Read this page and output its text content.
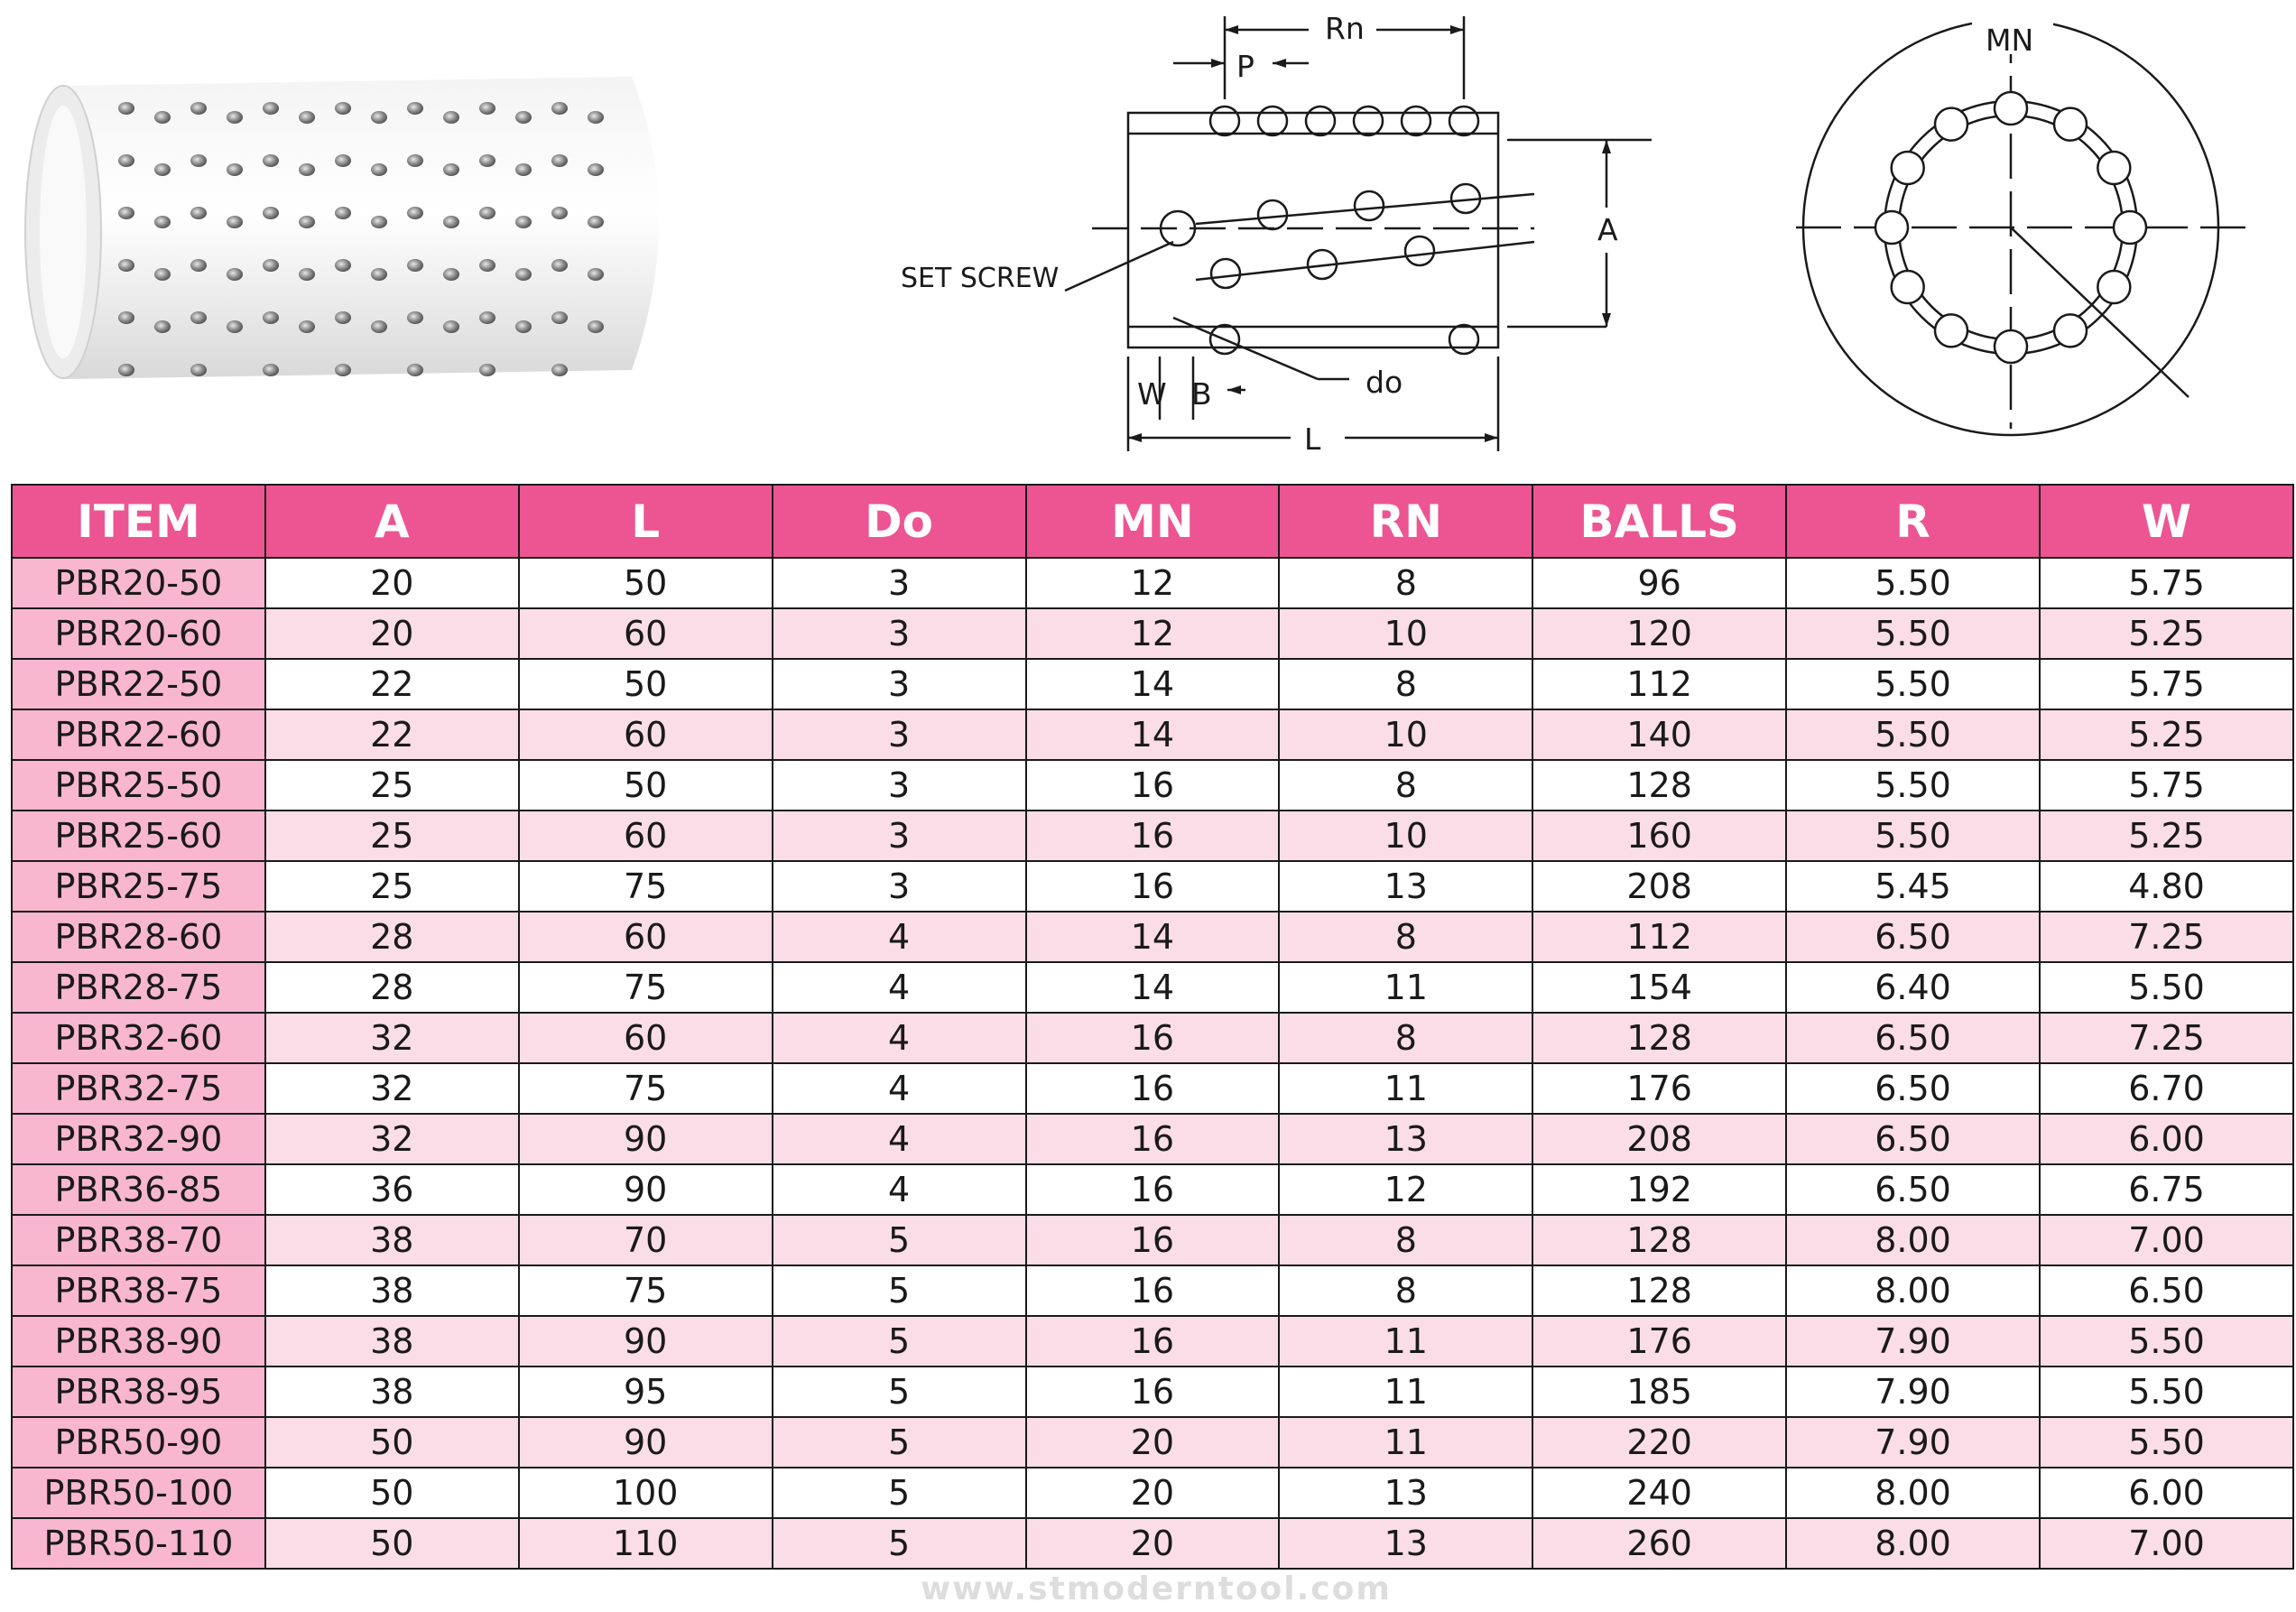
Rn
P
A
SET SCREW
W B	do
L
MN
ITEM	A	L	Do	MN	RN	BALLS	R	W
PBR20-50	20	50	3	12	8	96	5.50	5.75
PBR20-60	20	60	3	12	10	120	5.50	5.25
PBR22-50	22	50	3	14	8	112	5.50	5.75
PBR22-60	22	60	3	14	10	140	5.50	5.25
PBR25-50	25	50	3	16	8	128	5.50	5.75
PBR25-60	25	60	3	16	10	160	5.50	5.25
PBR25-75	25	75	3	16	13	208	5.45	4.80
PBR28-60	28	60	4	14	8	112	6.50	7.25
PBR28-75	28	75	4	14	11	154	6.40	5.50
PBR32-60	32	60	4	16	8	128	6.50	7.25
PBR32-75	32	75	4	16	11	176	6.50	6.70
PBR32-90	32	90	4	16	13	208	6.50	6.00
PBR36-85	36	90	4	16	12	192	6.50	6.75
PBR38-70	38	70	5	16	8	128	8.00	7.00
PBR38-75	38	75	5	16	8	128	8.00	6.50
PBR38-90	38	90	5	16	11	176	7.90	5.50
PBR38-95	38	95	5	16	11	185	7.90	5.50
PBR50-90	50	90	5	20	11	220	7.90	5.50
PBR50-100	50	100	5	20	13	240	8.00	6.00
PBR50-110	50	110	5	20	13	260	8.00	7.00
www.stmoderntool.com
